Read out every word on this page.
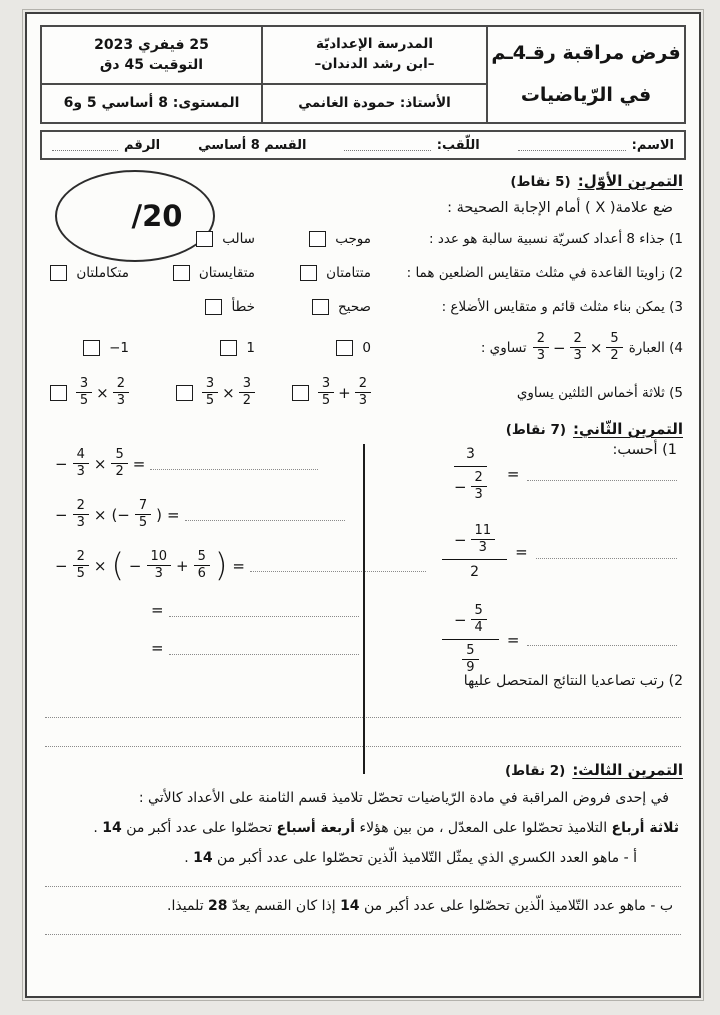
المدرسة الإعداديّة
–ابن رشد الدندان–
فرض مراقبة رقـ4ـم
في الرّياضيات
25 فيفري 2023
التوقيت 45 دق
الأستاذ: حمودة الغانمي
المستوى: 8 أساسي 5 و6
الاسم:
اللّقب:
القسم 8 أساسي
الرقم
/20
التمرين الأوّل:
(5 نقاط)
ضع علامة( X ) أمام الإجابة الصحيحة :
1) جذاء 8 أعداد كسريّة نسبية سالبة هو عدد :
موجب
سالب
2) زاويتا القاعدة في مثلث متقايس الضلعين هما :
متتامتان
متقايستان
متكاملتان
3) يمكن بناء مثلث قائم و متقايس الأضلاع :
صحيح
خطأ
4) العبارة
$\frac{2}{3} - \frac{2}{3} \times \frac{5}{2}$
تساوي :
0
1
−1
5) ثلاثة أخماس الثلثين يساوي
$\frac{3}{5} + \frac{2}{3}$
$\frac{3}{5} \times \frac{3}{2}$
$\frac{3}{5} \times \frac{2}{3}$
التمرين الثّاني:
(7 نقاط)
1) أحسب:
$\frac{3}{- \frac{2}{3}}$ =
$\frac{- \frac{11}{3}}{2}$ =
$\frac{- \frac{5}{4}}{\frac{5}{9}}$ =
− $\frac{4}{3} \times \frac{5}{2}$ =
− $\frac{2}{3}$ × (− $\frac{7}{5}$ ) =
− $\frac{2}{5}$ × ( − $\frac{10}{3} + \frac{5}{6}$ ) =
=
=
2) رتب تصاعديا النتائج المتحصل عليها
التمرين الثالث:
(2 نقاط)

في إحدى فروض المراقبة في مادة الرّياضيات تحصّل تلاميذ قسم الثامنة على الأعداد كالأتي :

ثلاثة أرباع التلاميذ تحصّلوا على المعدّل ، من بين هؤلاء أربعة أسباع تحصّلوا على عدد أكبر من 14 .

أ - ماهو العدد الكسري الذي يمثّل التّلاميذ الّذين تحصّلوا على عدد أكبر من 14 .

ب - ماهو عدد التّلاميذ الّذين تحصّلوا على عدد أكبر من 14 إذا كان القسم يعدّ 28 تلميذا.
